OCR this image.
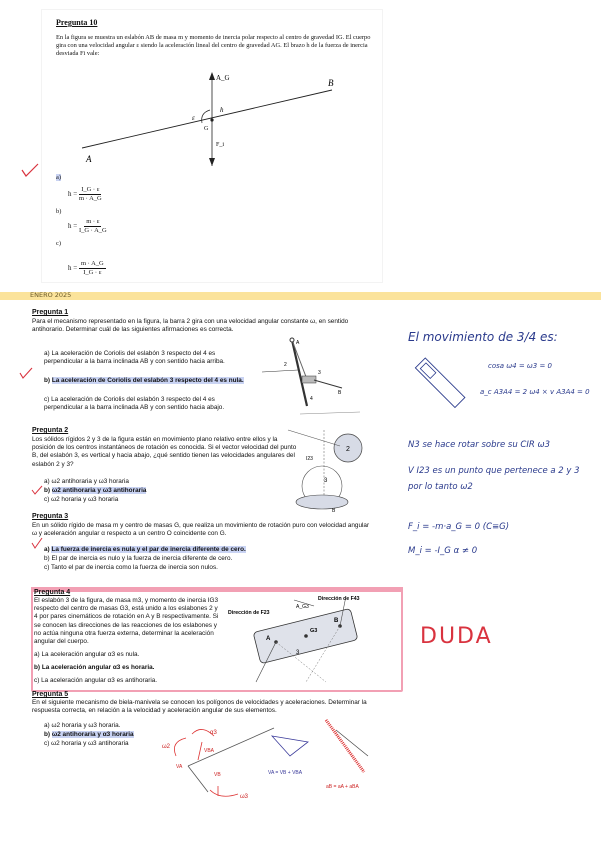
Pregunta 10
En la figura se muestra un eslabón AB de masa m y momento de inercia polar respecto al centro de gravedad IG. El cuerpo gira con una velocidad angular ε siendo la aceleración lineal del centro de gravedad AG. El brazo h de la fuerza de inercia desviada Fi vale:
A
B
A_G
h
ε
G
F_i
a)
$h = \frac{I\_G \cdot \varepsilon}{m \cdot A\_G}$
b)
$h = \frac{m \cdot \varepsilon}{I\_G \cdot A\_G}$
c)
$h = \frac{m \cdot A\_G}{I\_G \cdot \varepsilon}$
ENERO 2025
Pregunta 1
Para el mecanismo representado en la figura, la barra 2 gira con una velocidad angular constante ω, en sentido antihorario. Determinar cuál de las siguientes afirmaciones es correcta.
a) La aceleración de Coriolis del eslabón 3 respecto del 4 es perpendicular a la barra inclinada AB y con sentido hacia arriba.
b) La aceleración de Coriolis del eslabón 3 respecto del 4 es nula.
c) La aceleración de Coriolis del eslabón 3 respecto del 4 es perpendicular a la barra inclinada AB y con sentido hacia abajo.
A
B
2
3
4
Pregunta 2
Los sólidos rígidos 2 y 3 de la figura están en movimiento plano relativo entre ellos y la posición de los centros instantáneos de rotación es conocida. Si el vector velocidad del punto B, del eslabón 3, es vertical y hacia abajo, ¿qué sentido tienen las velocidades angulares del eslabón 2 y 3?
a) ω2 antihoraria y ω3 horaria
b) ω2 antihoraria y ω3 antihoraria
c) ω2 horaria y ω3 horaria
2
I23
3
B
Pregunta 3
En un sólido rígido de masa m y centro de masas G, que realiza un movimiento de rotación puro con velocidad angular ω y aceleración angular α respecto a un centro O coincidente con G.
a) La fuerza de inercia es nula y el par de inercia diferente de cero.
b) El par de inercia es nulo y la fuerza de inercia diferente de cero.
c) Tanto el par de inercia como la fuerza de inercia son nulos.
Pregunta 4
El eslabón 3 de la figura, de masa m3, y momento de inercia IG3 respecto del centro de masas G3, está unido a los eslabones 2 y 4 por pares cinemáticos de rotación en A y B respectivamente. Si se conocen las direcciones de las reacciones de los eslabones y no actúa ninguna otra fuerza externa, determinar la aceleración angular del cuerpo.
a) La aceleración angular α3 es nula.
b) La aceleración angular α3 es horaria.
c) La aceleración angular α3 es antihoraria.
Dirección de F43
Dirección de F23
A_G3
A
B
G3
3
Pregunta 5
En el siguiente mecanismo de biela-manivela se conocen los polígonos de velocidades y aceleraciones. Determinar la respuesta correcta, en relación a la velocidad y aceleración angular de sus elementos.
a) ω2 horaria y ω3 horaria.
b) ω2 antihoraria y α3 horaria
c) ω2 horaria y ω3 antihoraria	ω2
α3
VA
VBA
VB
ω3
VA = VB + VBA
aB = aA + aBA
El movimiento de 3/4 es:
cosa ω4 = ω3 = 0
a_c A3A4 = 2 ω4 × v A3A4 = 0
N3 se hace rotar sobre su CIR ω3
V I23 es un punto que pertenece a 2 y 3
por lo tanto ω2
F_i = -m·a_G = 0 (C≡G)
M_i = -I_G α ≠ 0
DUDA
